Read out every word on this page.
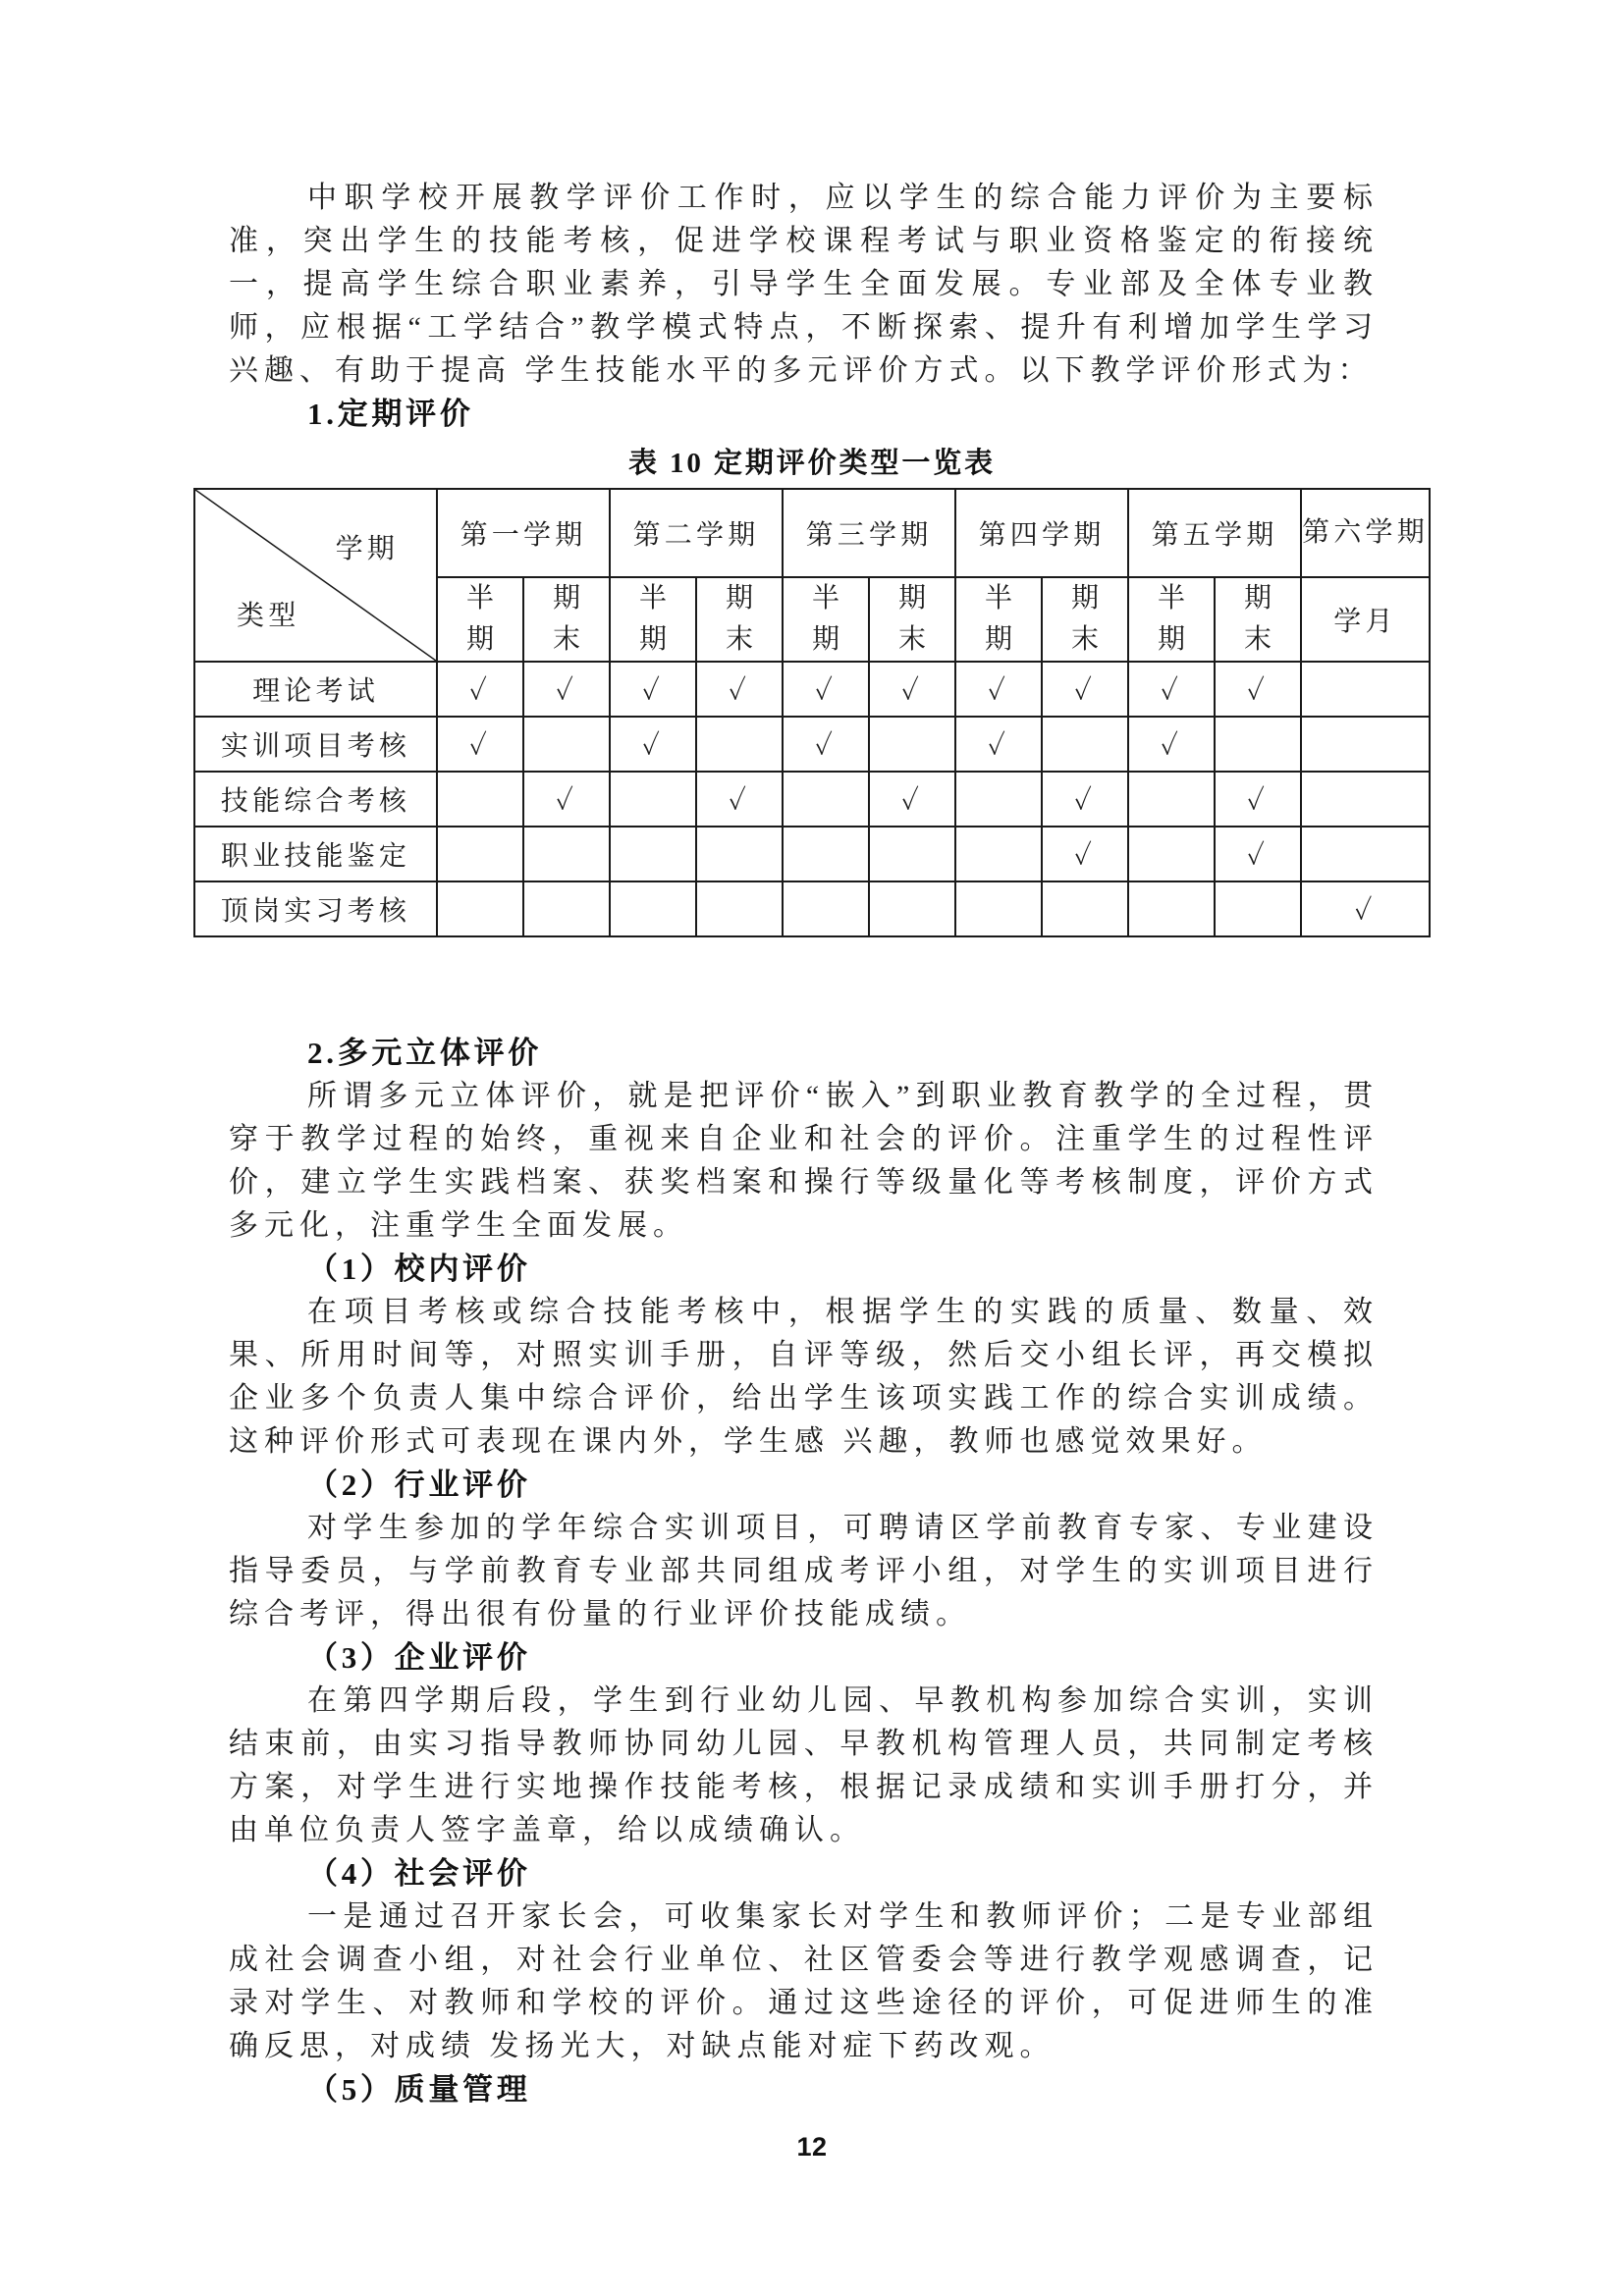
中职学校开展教学评价工作时，应以学生的综合能力评价为主要标准，突出学生的技能考核，促进学校课程考试与职业资格鉴定的衔接统一，提高学生综合职业素养，引导学生全面发展。专业部及全体专业教师，应根据“工学结合”教学模式特点，不断探索、提升有利增加学生学习兴趣、有助于提高 学生技能水平的多元评价方式。以下教学评价形式为：

1.定期评价
表 10 定期评价类型一览表
学期
类型	第一学期		第二学期		第三学期		第四学期		第五学期		第六学期
	半期	期末	半期	期末	半期	期末	半期	期末	半期	期末	学月
理论考试	✓	✓	✓	✓	✓	✓	✓	✓	✓	✓	
实训项目考核	✓		✓		✓		✓		✓		
技能综合考核		✓		✓		✓		✓		✓	
职业技能鉴定								✓		✓	
顶岗实习考核											✓
2.多元立体评价

所谓多元立体评价，就是把评价“嵌入”到职业教育教学的全过程，贯穿于教学过程的始终，重视来自企业和社会的评价。注重学生的过程性评价，建立学生实践档案、获奖档案和操行等级量化等考核制度，评价方式多元化，注重学生全面发展。

（1）校内评价

在项目考核或综合技能考核中，根据学生的实践的质量、数量、效果、所用时间等，对照实训手册，自评等级，然后交小组长评，再交模拟企业多个负责人集中综合评价，给出学生该项实践工作的综合实训成绩。这种评价形式可表现在课内外，学生感 兴趣，教师也感觉效果好。

（2）行业评价

对学生参加的学年综合实训项目，可聘请区学前教育专家、专业建设指导委员，与学前教育专业部共同组成考评小组，对学生的实训项目进行综合考评，得出很有份量的行业评价技能成绩。

（3）企业评价

在第四学期后段，学生到行业幼儿园、早教机构参加综合实训，实训结束前，由实习指导教师协同幼儿园、早教机构管理人员，共同制定考核方案，对学生进行实地操作技能考核，根据记录成绩和实训手册打分，并由单位负责人签字盖章，给以成绩确认。

（4）社会评价

一是通过召开家长会，可收集家长对学生和教师评价；二是专业部组成社会调查小组，对社会行业单位、社区管委会等进行教学观感调查，记录对学生、对教师和学校的评价。通过这些途径的评价，可促进师生的准确反思，对成绩 发扬光大，对缺点能对症下药改观。

（5）质量管理

12
